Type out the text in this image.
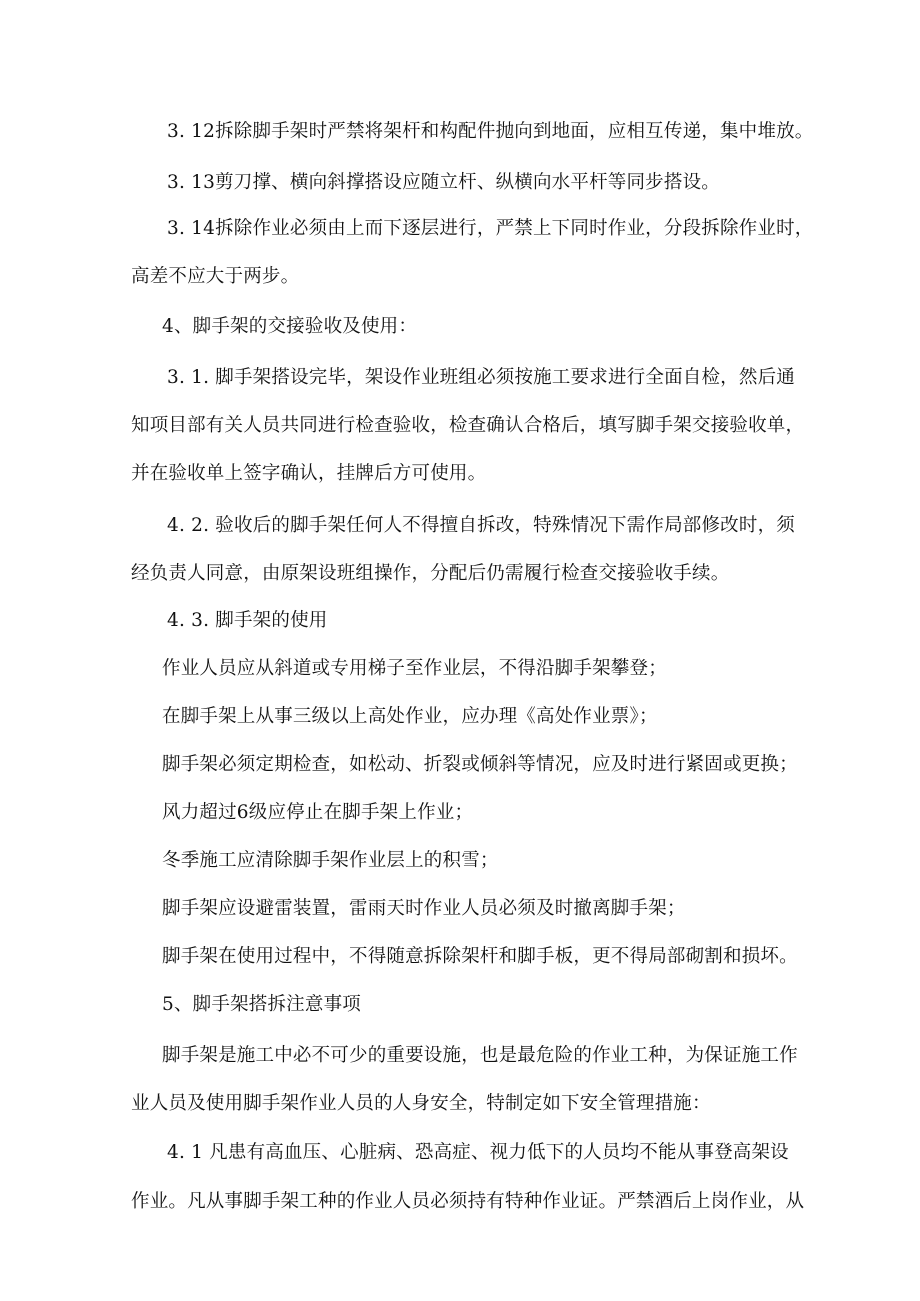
3. 12拆除脚手架时严禁将架杆和构配件抛向到地面，应相互传递，集中堆放。
3. 13剪刀撑、横向斜撑搭设应随立杆、纵横向水平杆等同步搭设。
3. 14拆除作业必须由上而下逐层进行，严禁上下同时作业，分段拆除作业时，
高差不应大于两步。
4、脚手架的交接验收及使用：
3. 1. 脚手架搭设完毕，架设作业班组必须按施工要求进行全面自检，然后通
知项目部有关人员共同进行检查验收，检查确认合格后，填写脚手架交接验收单，
并在验收单上签字确认，挂牌后方可使用。
4. 2. 验收后的脚手架任何人不得擅自拆改，特殊情况下需作局部修改时，须
经负责人同意，由原架设班组操作，分配后仍需履行检查交接验收手续。
4. 3. 脚手架的使用
作业人员应从斜道或专用梯子至作业层，不得沿脚手架攀登；
在脚手架上从事三级以上高处作业，应办理《高处作业票》；
脚手架必须定期检查，如松动、折裂或倾斜等情况，应及时进行紧固或更换；
风力超过6级应停止在脚手架上作业；
冬季施工应清除脚手架作业层上的积雪；
脚手架应设避雷装置，雷雨天时作业人员必须及时撤离脚手架；
脚手架在使用过程中，不得随意拆除架杆和脚手板，更不得局部砌割和损坏。
5、脚手架搭拆注意事项
脚手架是施工中必不可少的重要设施，也是最危险的作业工种，为保证施工作
业人员及使用脚手架作业人员的人身安全，特制定如下安全管理措施：
4. 1 凡患有高血压、心脏病、恐高症、视力低下的人员均不能从事登高架设
作业。凡从事脚手架工种的作业人员必须持有特种作业证。严禁酒后上岗作业，从
